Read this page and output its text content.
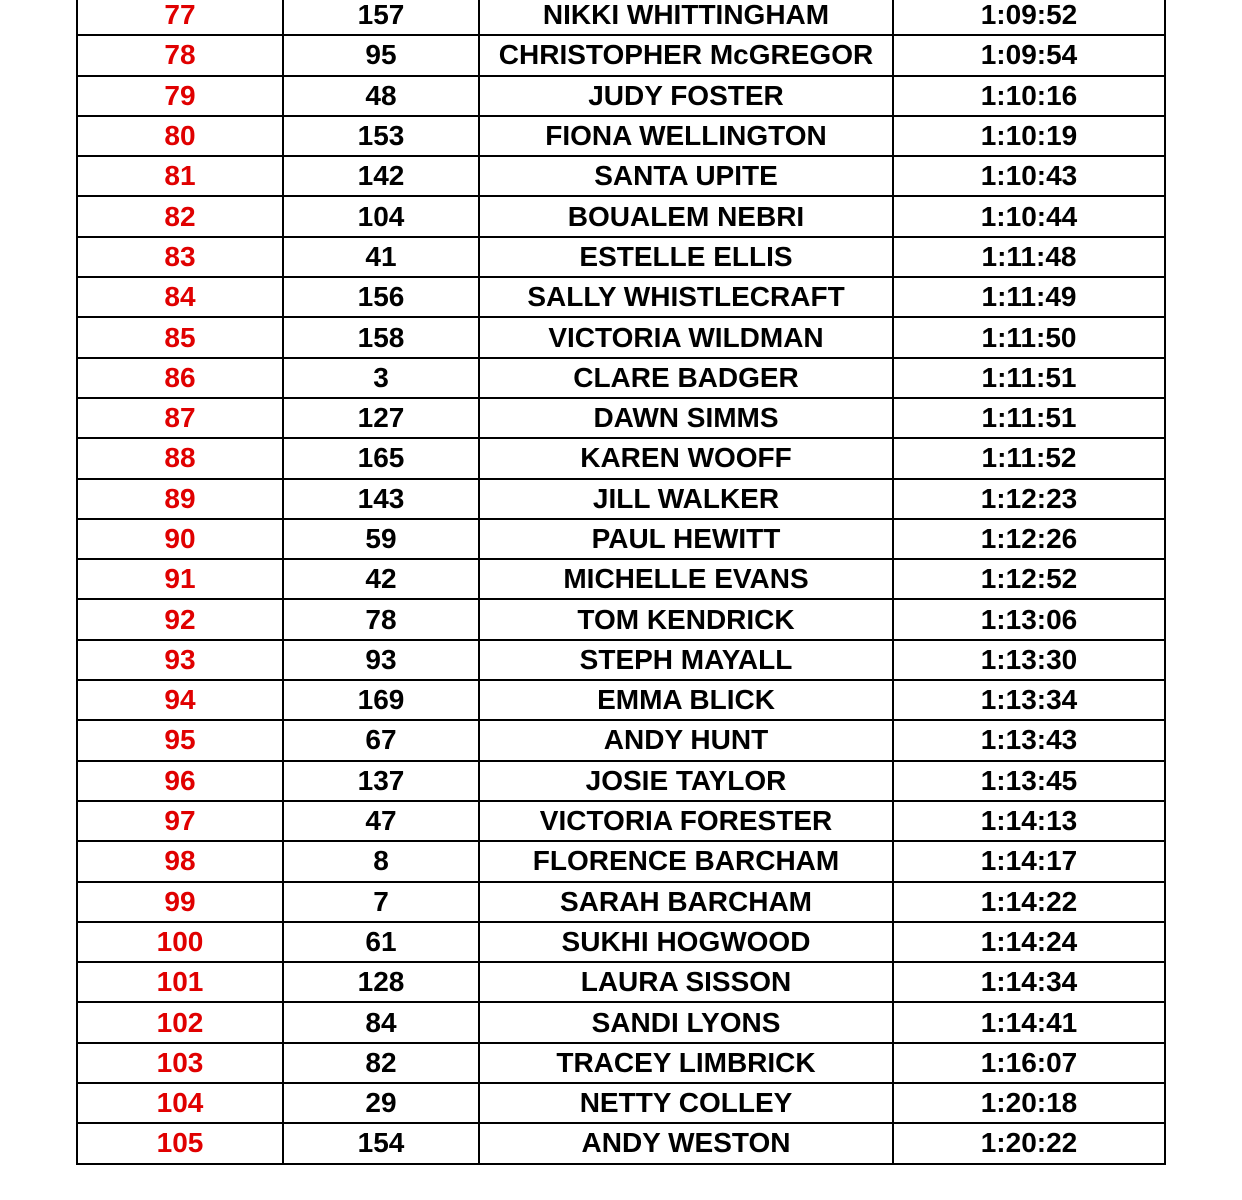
77	157	NIKKI WHITTINGHAM	1:09:52
78	95	CHRISTOPHER McGREGOR	1:09:54
79	48	JUDY FOSTER	1:10:16
80	153	FIONA WELLINGTON	1:10:19
81	142	SANTA UPITE	1:10:43
82	104	BOUALEM NEBRI	1:10:44
83	41	ESTELLE ELLIS	1:11:48
84	156	SALLY WHISTLECRAFT	1:11:49
85	158	VICTORIA WILDMAN	1:11:50
86	3	CLARE BADGER	1:11:51
87	127	DAWN SIMMS	1:11:51
88	165	KAREN WOOFF	1:11:52
89	143	JILL WALKER	1:12:23
90	59	PAUL HEWITT	1:12:26
91	42	MICHELLE EVANS	1:12:52
92	78	TOM KENDRICK	1:13:06
93	93	STEPH MAYALL	1:13:30
94	169	EMMA BLICK	1:13:34
95	67	ANDY HUNT	1:13:43
96	137	JOSIE TAYLOR	1:13:45
97	47	VICTORIA FORESTER	1:14:13
98	8	FLORENCE BARCHAM	1:14:17
99	7	SARAH BARCHAM	1:14:22
100	61	SUKHI HOGWOOD	1:14:24
101	128	LAURA SISSON	1:14:34
102	84	SANDI LYONS	1:14:41
103	82	TRACEY LIMBRICK	1:16:07
104	29	NETTY COLLEY	1:20:18
105	154	ANDY WESTON	1:20:22
